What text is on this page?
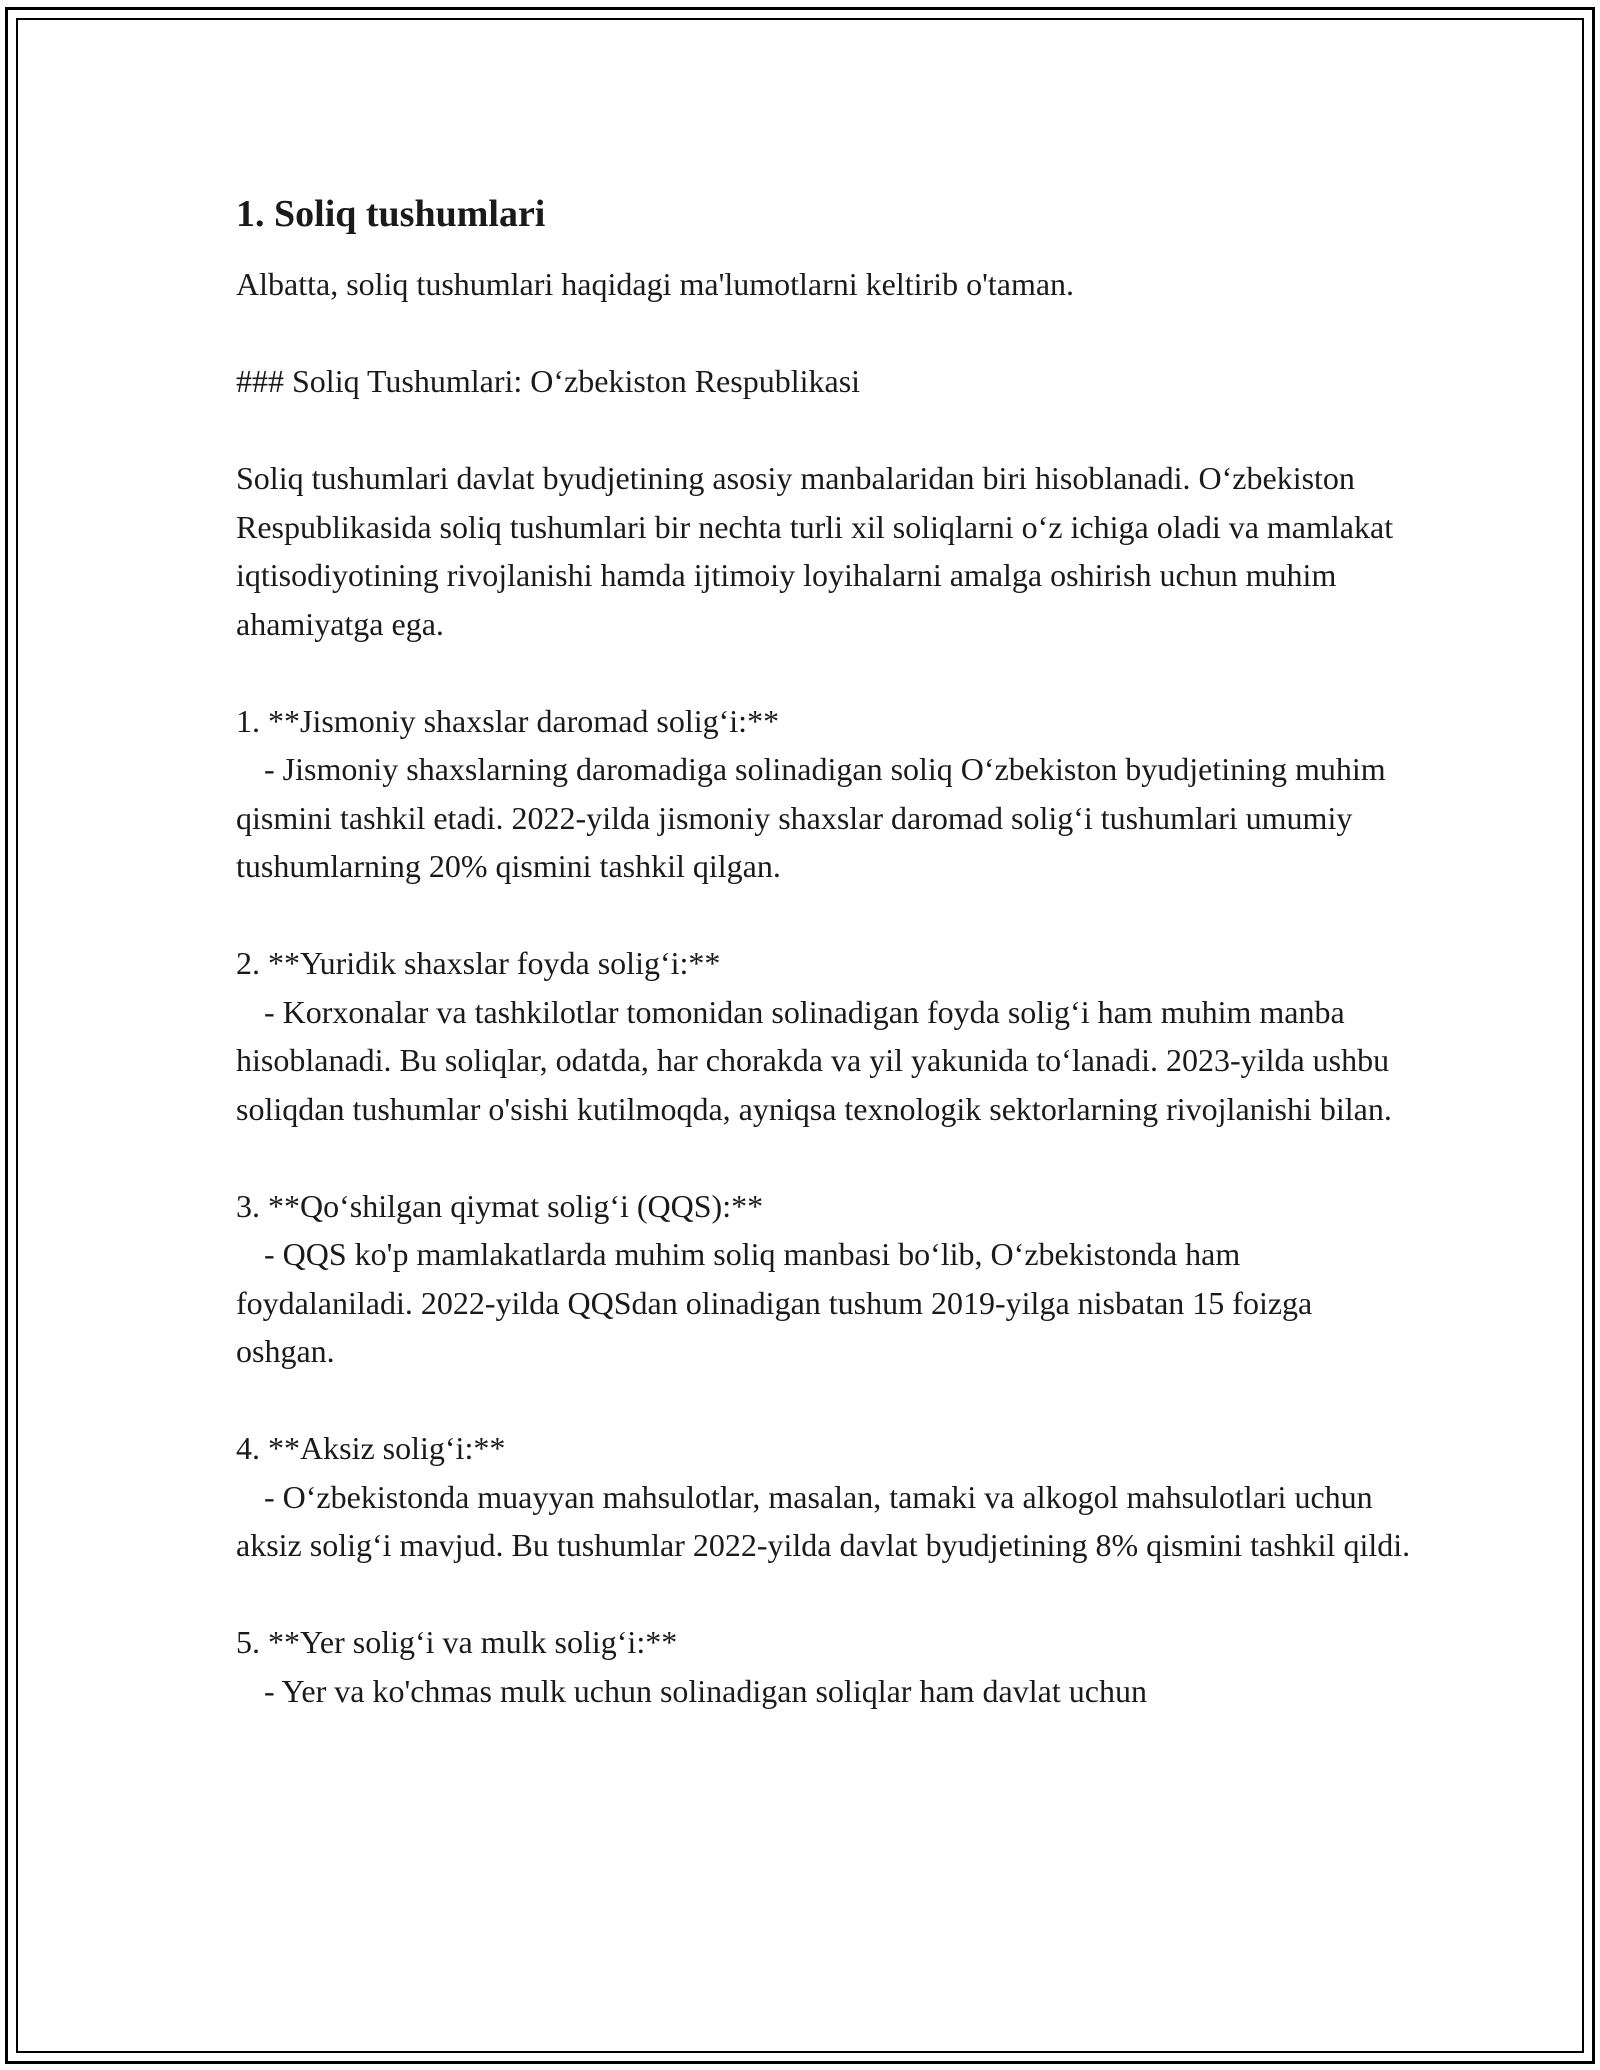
1. Soliq tushumlari

Albatta, soliq tushumlari haqidagi ma'lumotlarni keltirib o'taman.

### Soliq Tushumlari: O‘zbekiston Respublikasi

Soliq tushumlari davlat byudjetining asosiy manbalaridan biri hisoblanadi. O‘zbekiston Respublikasida soliq tushumlari bir nechta turli xil soliqlarni o‘z ichiga oladi va mamlakat iqtisodiyotining rivojlanishi hamda ijtimoiy loyihalarni amalga oshirish uchun muhim ahamiyatga ega.

1. **Jismoniy shaxslar daromad solig‘i:**

- Jismoniy shaxslarning daromadiga solinadigan soliq O‘zbekiston byudjetining muhim qismini tashkil etadi. 2022-yilda jismoniy shaxslar daromad solig‘i tushumlari umumiy tushumlarning 20% qismini tashkil qilgan.

2. **Yuridik shaxslar foyda solig‘i:**

- Korxonalar va tashkilotlar tomonidan solinadigan foyda solig‘i ham muhim manba hisoblanadi. Bu soliqlar, odatda, har chorakda va yil yakunida to‘lanadi. 2023-yilda ushbu soliqdan tushumlar o'sishi kutilmoqda, ayniqsa texnologik sektorlarning rivojlanishi bilan.

3. **Qo‘shilgan qiymat solig‘i (QQS):**

- QQS ko'p mamlakatlarda muhim soliq manbasi bo‘lib, O‘zbekistonda ham foydalaniladi. 2022-yilda QQSdan olinadigan tushum 2019-yilga nisbatan 15 foizga oshgan.

4. **Aksiz solig‘i:**

- O‘zbekistonda muayyan mahsulotlar, masalan, tamaki va alkogol mahsulotlari uchun aksiz solig‘i mavjud. Bu tushumlar 2022-yilda davlat byudjetining 8% qismini tashkil qildi.

5. **Yer solig‘i va mulk solig‘i:**

- Yer va ko'chmas mulk uchun solinadigan soliqlar ham davlat uchun
